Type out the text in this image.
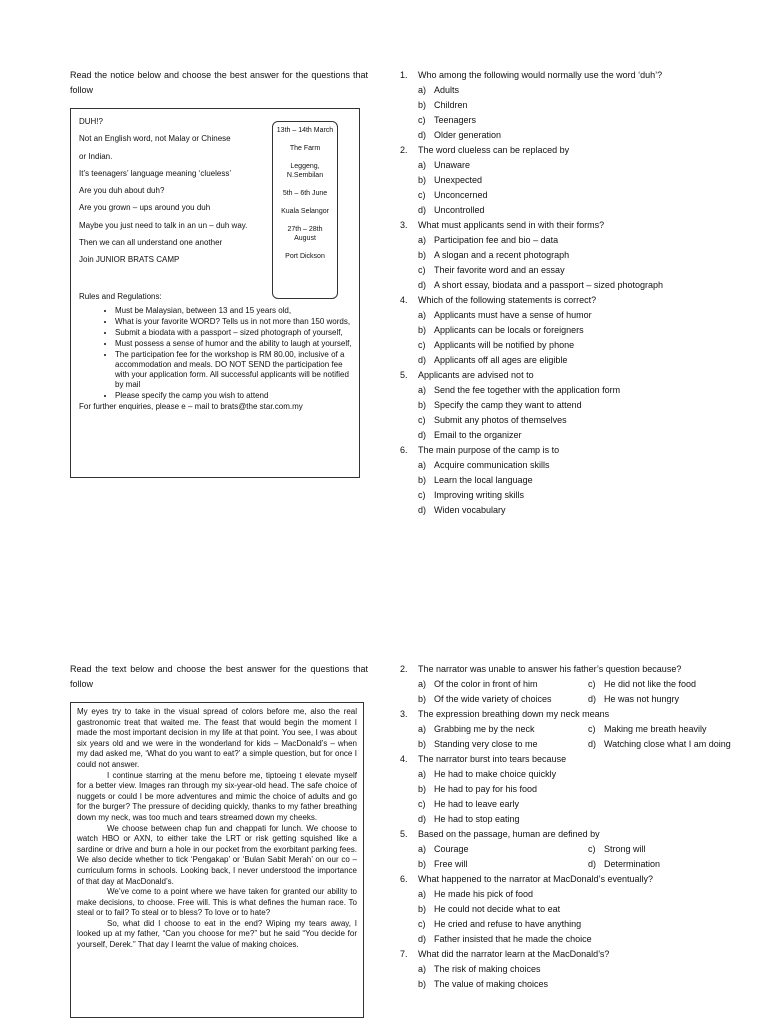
Read the notice below and choose the best answer for the questions that follow

DUH!?

Not an English word, not Malay or Chinese

or Indian.

It’s teenagers’ language meaning ‘clueless’

Are you duh about duh?

Are you grown – ups around you duh

Maybe you just need to talk in an un – duh way.

Then we can all understand one another

Join JUNIOR BRATS CAMP

13th – 14th March
The Farm
Leggeng, N.Sembilan
5th – 6th June
Kuala Selangor
27th – 28th August
Port Dickson
Rules and Regulations:
• Must be Malaysian, between 13 and 15 years old,
• What is your favorite WORD? Tells us in not more than 150 words,
• Submit a biodata with a passport – sized photograph of yourself,
• Must possess a sense of humor and the ability to laugh at yourself,
• The participation fee for the workshop is RM 80.00, inclusive of a accommodation and meals. DO NOT SEND the participation fee with your application form. All successful applicants will be notified by mail
• Please specify the camp you wish to attend
For further enquiries, please e – mail to brats@the star.com.my
1.	Who among the following would normally use the word ‘duh’?
a) Adults
b) Children
c) Teenagers
d) Older generation
2.	The word clueless can be replaced by
a) Unaware
b) Unexpected
c) Unconcerned
d) Uncontrolled
3.	What must applicants send in with their forms?
a) Participation fee and bio – data
b) A slogan and a recent photograph
c) Their favorite word and an essay
d) A short essay, biodata and a passport – sized photograph
4.	Which of the following statements is correct?
a) Applicants must have a sense of humor
b) Applicants can be locals or foreigners
c) Applicants will be notified by phone
d) Applicants off all ages are eligible
5.	Applicants are advised not to
a) Send the fee together with the application form
b) Specify the camp they want to attend
c) Submit any photos of themselves
d) Email to the organizer
6.	The main purpose of the camp is to
a) Acquire communication skills
b) Learn the local language
c) Improving writing skills
d) Widen vocabulary
Read the text below and choose the best answer for the questions that follow

My eyes try to take in the visual spread of colors before me, also the real gastronomic treat that waited me. The feast that would begin the moment I made the most important decision in my life at that point. You see, I was about six years old and we were in the wonderland for kids – MacDonald’s – when my dad asked me, ‘What do you want to eat?’ a simple question, but for once I could not answer.

I continue starring at the menu before me, tiptoeing t elevate myself for a better view. Images ran through my six-year-old head. The safe choice of nuggets or could I be more adventures and mimic the choice of adults and go for the burger? The pressure of deciding quickly, thanks to my father breathing down my neck, was too much and tears streamed down my cheeks.

We choose between chap fun and chappati for lunch. We choose to watch HBO or AXN, to either take the LRT or risk getting squished like a sardine or drive and burn a hole in our pocket from the exorbitant parking fees. We also decide whether to tick ‘Pengakap’ or ‘Bulan Sabit Merah’ on our co – curriculum forms in schools. Looking back, I never understood the importance of that day at MacDonald’s.

We’ve come to a point where we have taken for granted our ability to make decisions, to choose. Free will. This is what defines the human race. To steal or to fail? To steal or to bless? To love or to hate?

So, what did I choose to eat in the end? Wiping my tears away, I looked up at my father, “Can you choose for me?” but he said “You decide for yourself, Derek.” That day I learnt the value of making choices.

2.	The narrator was unable to answer his father’s question because?
a) Of the color in front of him	c) He did not like the food
b) Of the wide variety of choices	d) He was not hungry
3.	The expression breathing down my neck means
a) Grabbing me by the neck	c) Making me breath heavily
b) Standing very close to me	d) Watching close what I am doing
4.	The narrator burst into tears because
a) He had to make choice quickly
b) He had to pay for his food
c) He had to leave early
d) He had to stop eating
5.	Based on the passage, human are defined by
a) Courage	c) Strong will
b) Free will	d) Determination
6.	What happened to the narrator at MacDonald’s eventually?
a) He made his pick of food
b) He could not decide what to eat
c) He cried and refuse to have anything
d) Father insisted that he made the choice
7.	What did the narrator learn at the MacDonald’s?
a) The risk of making choices
b) The value of making choices
